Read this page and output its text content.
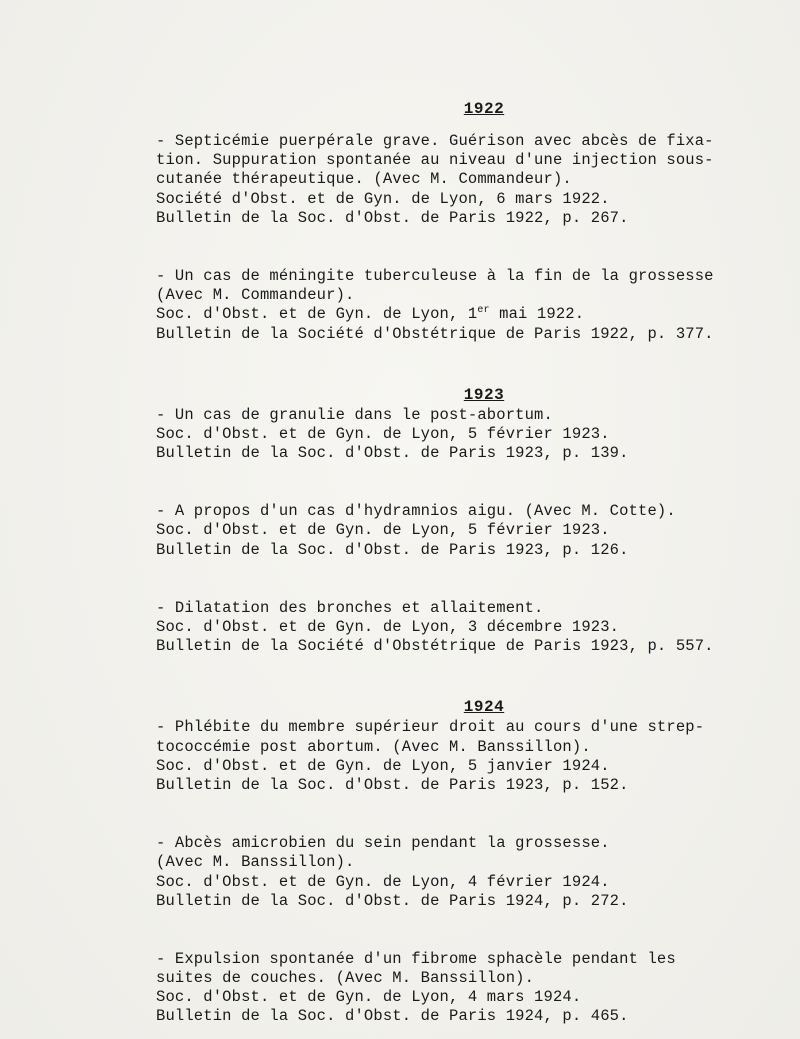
1922
- Septicémie puerpérale grave. Guérison avec abcès de fixa-
tion. Suppuration spontanée au niveau d'une injection sous-
cutanée thérapeutique. (Avec M. Commandeur).
Société d'Obst. et de Gyn. de Lyon, 6 mars 1922.
Bulletin de la Soc. d'Obst. de Paris 1922, p. 267.
- Un cas de méningite tuberculeuse à la fin de la grossesse
(Avec M. Commandeur).
Soc. d'Obst. et de Gyn. de Lyon, 1er mai 1922.
Bulletin de la Société d'Obstétrique de Paris 1922, p. 377.
1923
- Un cas de granulie dans le post-abortum.
Soc. d'Obst. et de Gyn. de Lyon, 5 février 1923.
Bulletin de la Soc. d'Obst. de Paris 1923, p. 139.
- A propos d'un cas d'hydramnios aigu. (Avec M. Cotte).
Soc. d'Obst. et de Gyn. de Lyon, 5 février 1923.
Bulletin de la Soc. d'Obst. de Paris 1923, p. 126.
- Dilatation des bronches et allaitement.
Soc. d'Obst. et de Gyn. de Lyon, 3 décembre 1923.
Bulletin de la Société d'Obstétrique de Paris 1923, p. 557.
1924
- Phlébite du membre supérieur droit au cours d'une strep-
tococcémie post abortum. (Avec M. Banssillon).
Soc. d'Obst. et de Gyn. de Lyon, 5 janvier 1924.
Bulletin de la Soc. d'Obst. de Paris 1923, p. 152.
- Abcès amicrobien du sein pendant la grossesse.
(Avec M. Banssillon).
Soc. d'Obst. et de Gyn. de Lyon, 4 février 1924.
Bulletin de la Soc. d'Obst. de Paris 1924, p. 272.
- Expulsion spontanée d'un fibrome sphacèle pendant les
suites de couches. (Avec M. Banssillon).
Soc. d'Obst. et de Gyn. de Lyon, 4 mars 1924.
Bulletin de la Soc. d'Obst. de Paris 1924, p. 465.
